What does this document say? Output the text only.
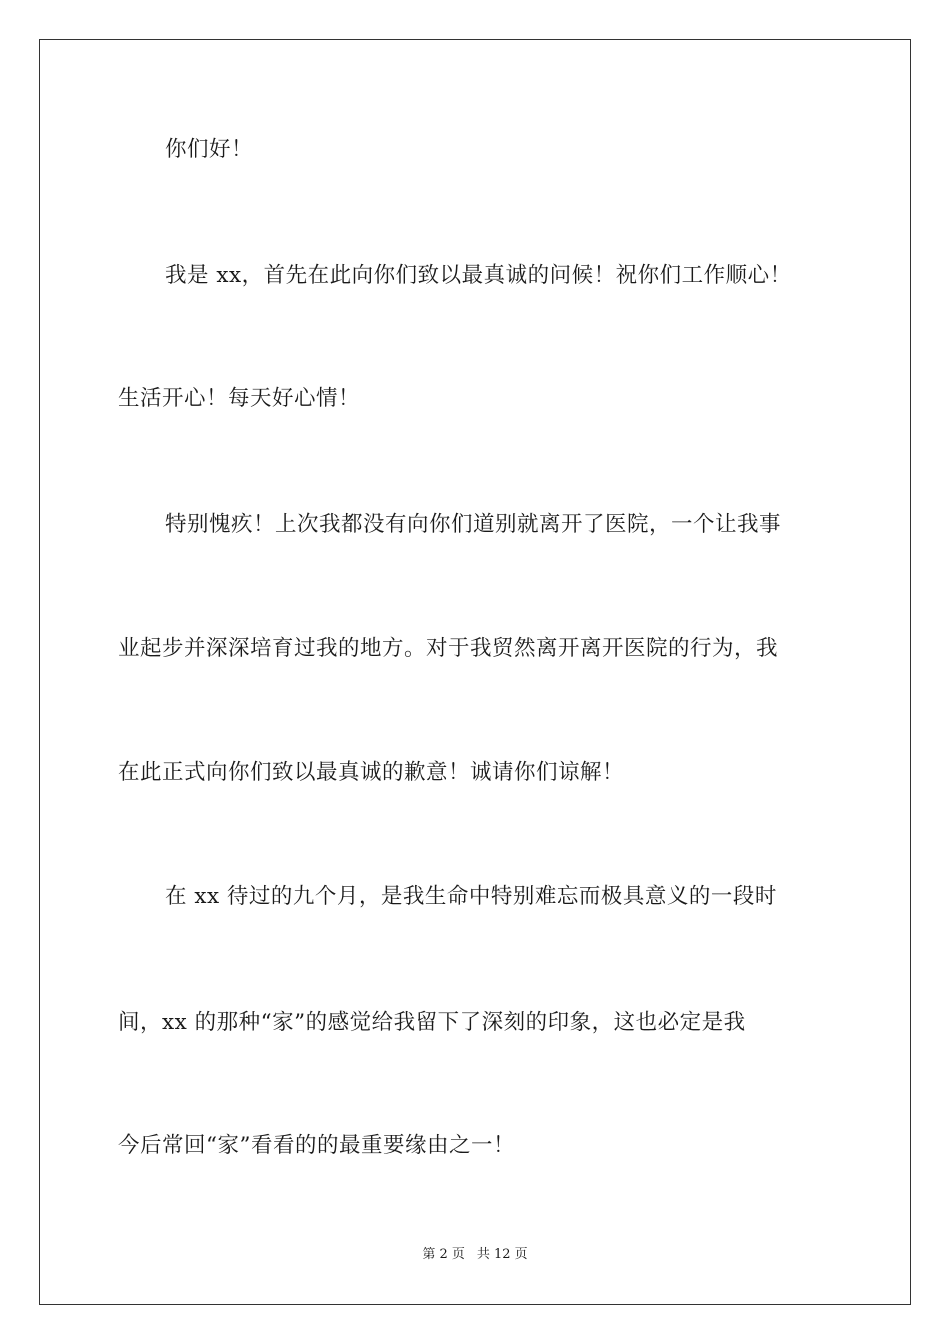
你们好！
我是 xx，首先在此向你们致以最真诚的问候！祝你们工作顺心！
生活开心！每天好心情！
特别愧疚！上次我都没有向你们道别就离开了医院，一个让我事
业起步并深深培育过我的地方。对于我贸然离开离开医院的行为，我
在此正式向你们致以最真诚的歉意！诚请你们谅解！
在 xx 待过的九个月，是我生命中特别难忘而极具意义的一段时
间，xx 的那种“家”的感觉给我留下了深刻的印象，这也必定是我
今后常回“家”看看的的最重要缘由之一！
第 2 页 共 12 页
